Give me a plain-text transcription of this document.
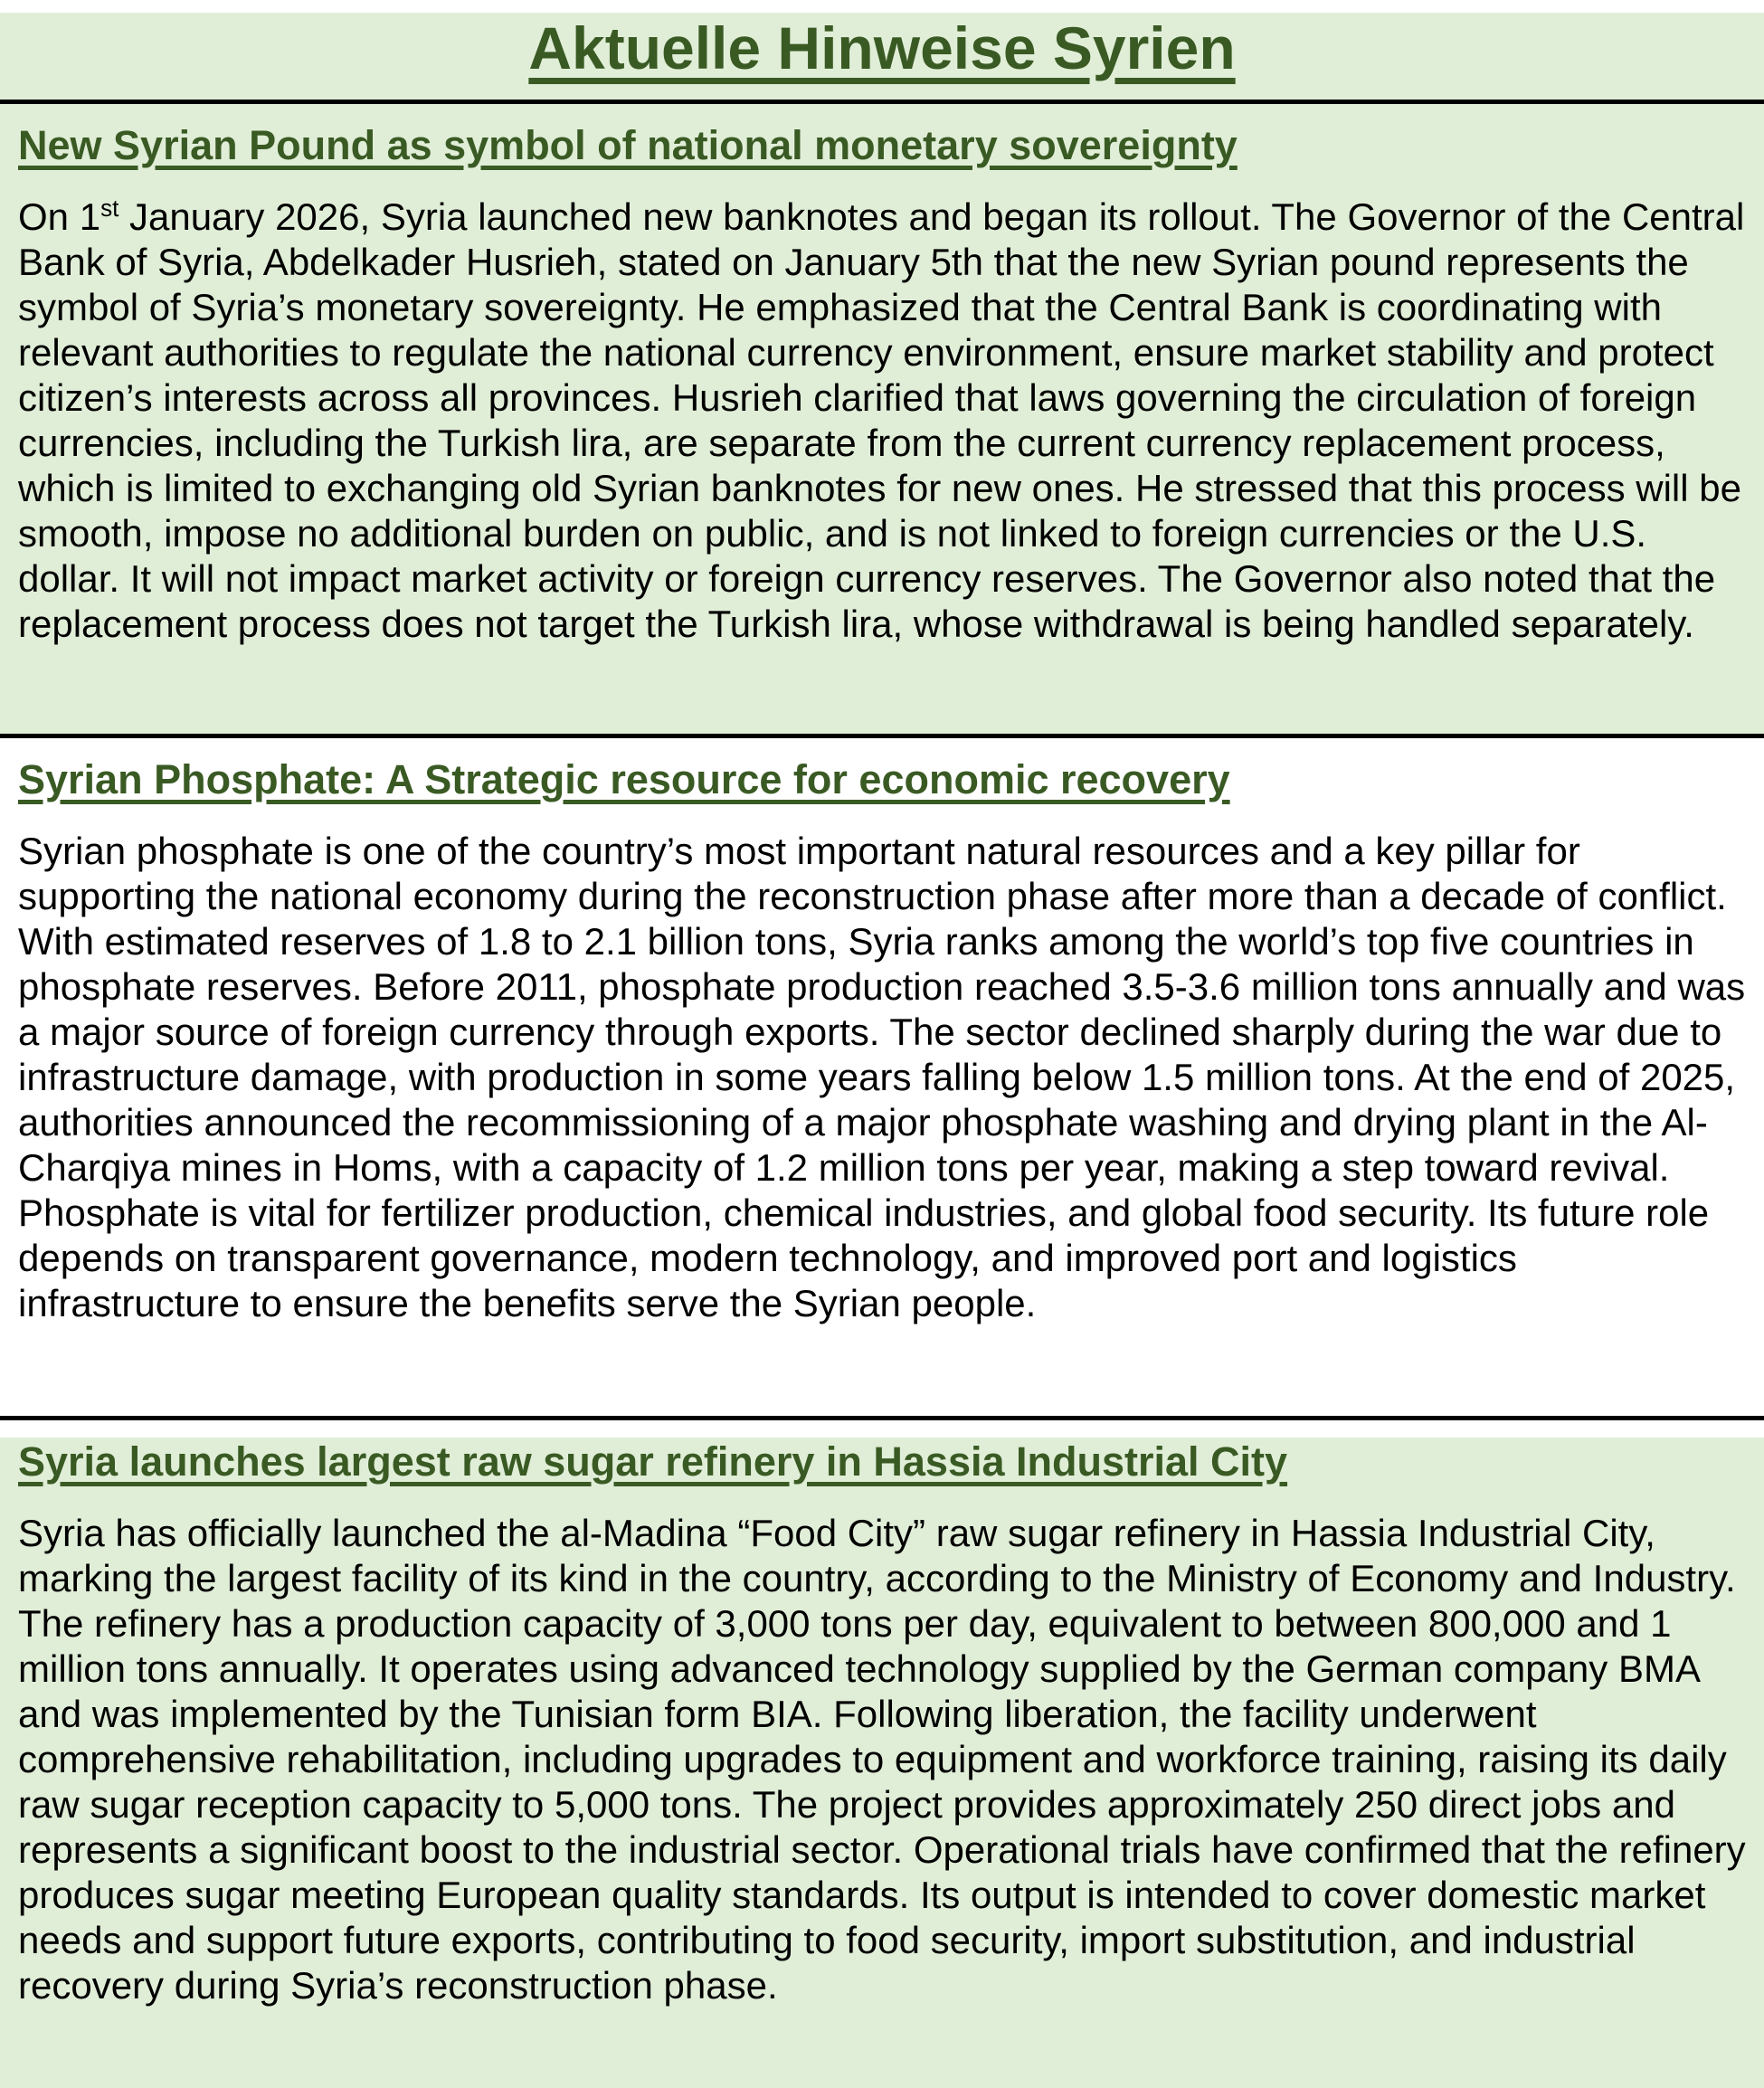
Aktuelle Hinweise Syrien
New Syrian Pound as symbol of national monetary sovereignty
On 1st January 2026, Syria launched new banknotes and began its rollout. The Governor of the Central Bank of Syria, Abdelkader Husrieh, stated on January 5th that the new Syrian pound represents the symbol of Syria’s monetary sovereignty. He emphasized that the Central Bank is coordinating with relevant authorities to regulate the national currency environment, ensure market stability and protect citizen’s interests across all provinces. Husrieh clarified that laws governing the circulation of foreign currencies, including the Turkish lira, are separate from the current currency replacement process, which is limited to exchanging old Syrian banknotes for new ones. He stressed that this process will be smooth, impose no additional burden on public, and is not linked to foreign currencies or the U.S. dollar. It will not impact market activity or foreign currency reserves. The Governor also noted that the replacement process does not target the Turkish lira, whose withdrawal is being handled separately.
Syrian Phosphate: A Strategic resource for economic recovery
Syrian phosphate is one of the country’s most important natural resources and a key pillar for supporting the national economy during the reconstruction phase after more than a decade of conflict. With estimated reserves of 1.8 to 2.1 billion tons, Syria ranks among the world’s top five countries in phosphate reserves. Before 2011, phosphate production reached 3.5-3.6 million tons annually and was a major source of foreign currency through exports. The sector declined sharply during the war due to infrastructure damage, with production in some years falling below 1.5 million tons. At the end of 2025, authorities announced the recommissioning of a major phosphate washing and drying plant in the Al-Charqiya mines in Homs, with a capacity of 1.2 million tons per year, making a step toward revival. Phosphate is vital for fertilizer production, chemical industries, and global food security. Its future role depends on transparent governance, modern technology, and improved port and logistics infrastructure to ensure the benefits serve the Syrian people.
Syria launches largest raw sugar refinery in Hassia Industrial City
Syria has officially launched the al-Madina “Food City” raw sugar refinery in Hassia Industrial City, marking the largest facility of its kind in the country, according to the Ministry of Economy and Industry. The refinery has a production capacity of 3,000 tons per day, equivalent to between 800,000 and 1 million tons annually. It operates using advanced technology supplied by the German company BMA and was implemented by the Tunisian form BIA. Following liberation, the facility underwent comprehensive rehabilitation, including upgrades to equipment and workforce training, raising its daily raw sugar reception capacity to 5,000 tons. The project provides approximately 250 direct jobs and represents a significant boost to the industrial sector. Operational trials have confirmed that the refinery produces sugar meeting European quality standards. Its output is intended to cover domestic market needs and support future exports, contributing to food security, import substitution, and industrial recovery during Syria’s reconstruction phase.
